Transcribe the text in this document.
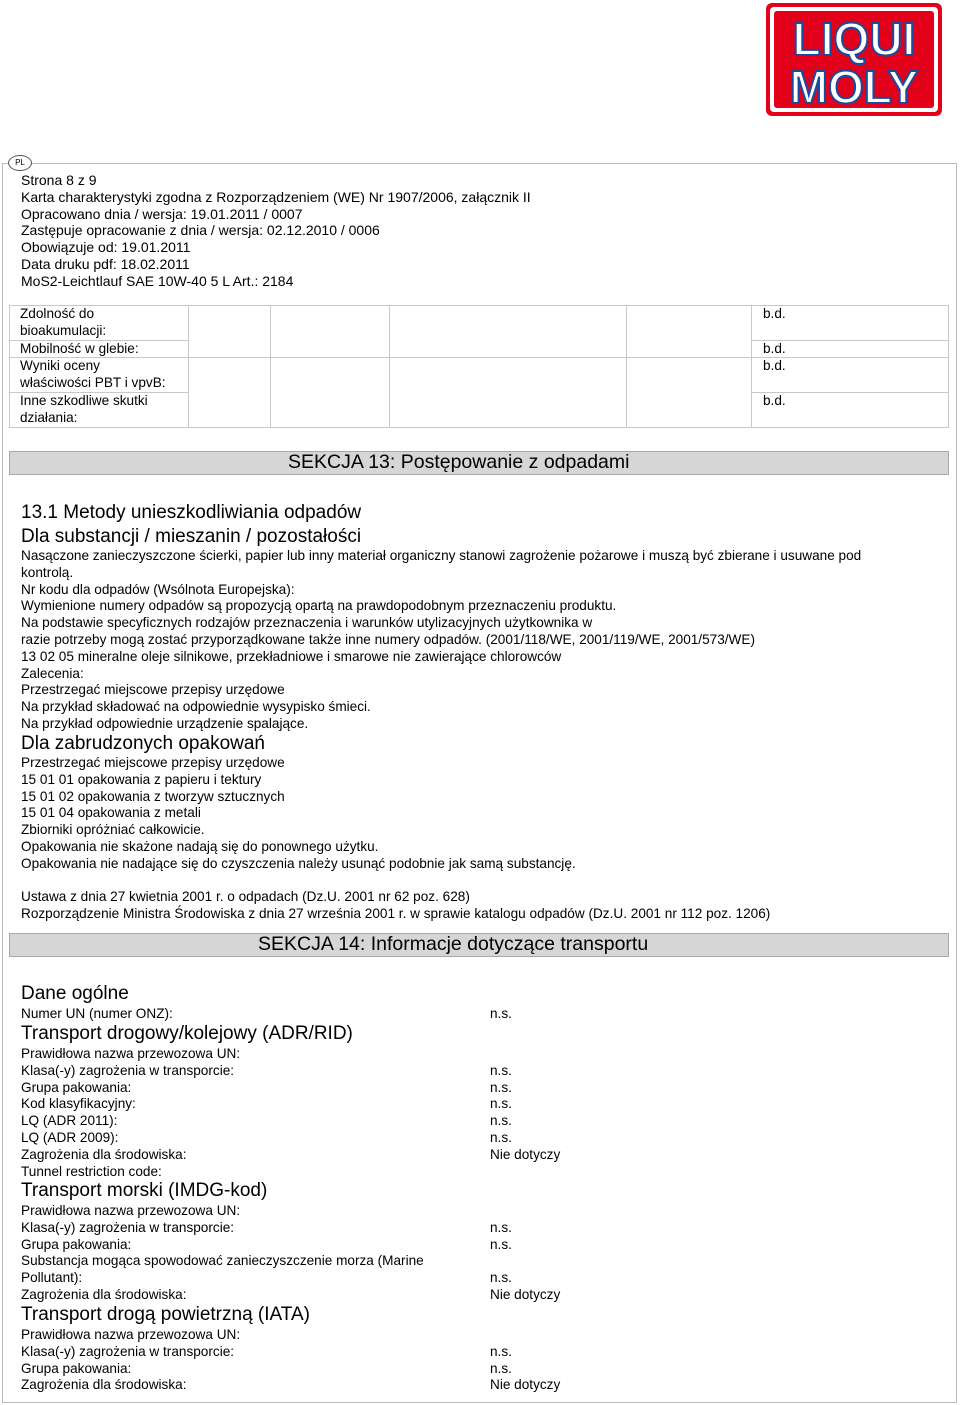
LIQUI
MOLY
PL
Strona 8 z 9
Karta charakterystyki zgodna z Rozporządzeniem (WE) Nr 1907/2006, załącznik II
Opracowano dnia / wersja: 19.01.2011 / 0007
Zastępuje opracowanie z dnia / wersja: 02.12.2010 / 0006
Obowiązuje od: 19.01.2011
Data druku pdf: 18.02.2011
MoS2-Leichtlauf SAE 10W-40 5 L Art.: 2184
Zdolność do
bioakumulacji:					b.d.
Mobilność w glebie:					b.d.
Wyniki oceny
właściwości PBT i vpvB:					b.d.
Inne szkodliwe skutki
działania:					b.d.
SEKCJA 13: Postępowanie z odpadami
13.1 Metody unieszkodliwiania odpadów
Dla substancji / mieszanin / pozostałości
Nasączone zanieczyszczone ścierki, papier lub inny materiał organiczny stanowi zagrożenie pożarowe i muszą być zbierane i usuwane pod
kontrolą.
Nr kodu dla odpadów (Wsólnota Europejska):
Wymienione numery odpadów są propozycją opartą na prawdopodobnym przeznaczeniu produktu.
Na podstawie specyficznych rodzajów przeznaczenia i warunków utylizacyjnych użytkownika w
razie potrzeby mogą zostać przyporządkowane także inne numery odpadów. (2001/118/WE, 2001/119/WE, 2001/573/WE)
13 02 05 mineralne oleje silnikowe, przekładniowe i smarowe nie zawierające chlorowców
Zalecenia:
Przestrzegać miejscowe przepisy urzędowe
Na przykład składować na odpowiednie wysypisko śmieci.
Na przykład odpowiednie urządzenie spalające.
Dla zabrudzonych opakowań
Przestrzegać miejscowe przepisy urzędowe
15 01 01 opakowania z papieru i tektury
15 01 02 opakowania z tworzyw sztucznych
15 01 04 opakowania z metali
Zbiorniki opróżniać całkowicie.
Opakowania nie skażone nadają się do ponownego użytku.
Opakowania nie nadające się do czyszczenia należy usunąć podobnie jak samą substancję.
Ustawa z dnia 27 kwietnia 2001 r. o odpadach (Dz.U. 2001 nr 62 poz. 628)
Rozporządzenie Ministra Środowiska z dnia 27 września 2001 r. w sprawie katalogu odpadów (Dz.U. 2001 nr 112 poz. 1206)
SEKCJA 14: Informacje dotyczące transportu
Dane ogólne
Numer UN (numer ONZ):	n.s.
Transport drogowy/kolejowy (ADR/RID)
Prawidłowa nazwa przewozowa UN:
Klasa(-y) zagrożenia w transporcie:	n.s.
Grupa pakowania:	n.s.
Kod klasyfikacyjny:	n.s.
LQ (ADR 2011):	n.s.
LQ (ADR 2009):	n.s.
Zagrożenia dla środowiska:	Nie dotyczy
Tunnel restriction code:
Transport morski (IMDG-kod)
Prawidłowa nazwa przewozowa UN:
Klasa(-y) zagrożenia w transporcie:	n.s.
Grupa pakowania:	n.s.
Substancja mogąca spowodować zanieczyszczenie morza (Marine
Pollutant):	n.s.
Zagrożenia dla środowiska:	Nie dotyczy
Transport drogą powietrzną (IATA)
Prawidłowa nazwa przewozowa UN:
Klasa(-y) zagrożenia w transporcie:	n.s.
Grupa pakowania:	n.s.
Zagrożenia dla środowiska:	Nie dotyczy
